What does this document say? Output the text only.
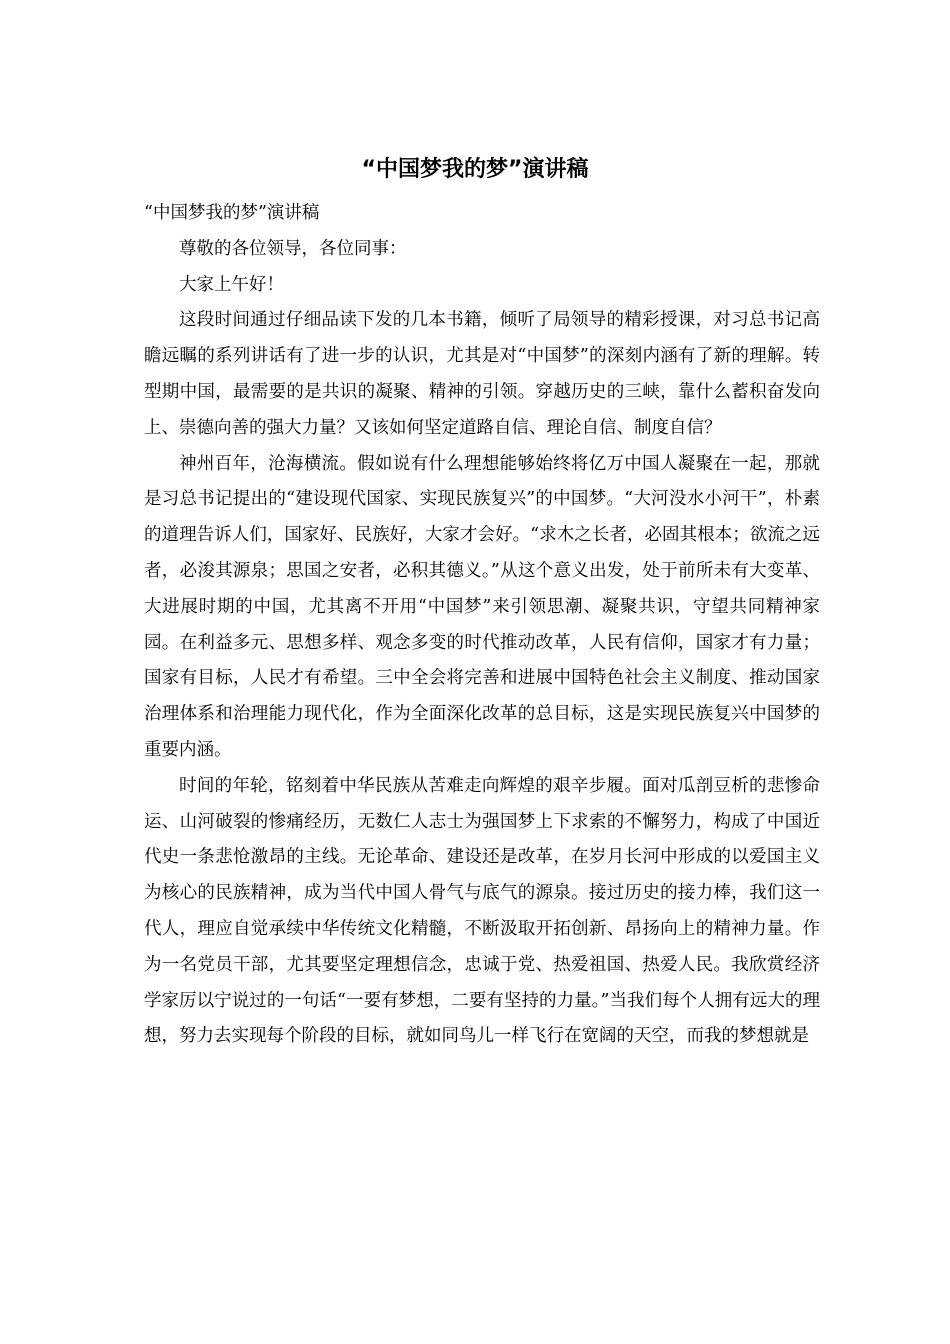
“中国梦我的梦”演讲稿

“中国梦我的梦”演讲稿

尊敬的各位领导，各位同事：

大家上午好！

这段时间通过仔细品读下发的几本书籍，倾听了局领导的精彩授课，对习总书记高瞻远瞩的系列讲话有了进一步的认识，尤其是对“中国梦”的深刻内涵有了新的理解。转型期中国，最需要的是共识的凝聚、精神的引领。穿越历史的三峡，靠什么蓄积奋发向上、崇德向善的强大力量？又该如何坚定道路自信、理论自信、制度自信？

神州百年，沧海横流。假如说有什么理想能够始终将亿万中国人凝聚在一起，那就是习总书记提出的“建设现代国家、实现民族复兴”的中国梦。“大河没水小河干”，朴素的道理告诉人们，国家好、民族好，大家才会好。“求木之长者，必固其根本；欲流之远者，必浚其源泉；思国之安者，必积其德义。”从这个意义出发，处于前所未有大变革、大进展时期的中国，尤其离不开用“中国梦”来引领思潮、凝聚共识，守望共同精神家园。在利益多元、思想多样、观念多变的时代推动改革，人民有信仰，国家才有力量；国家有目标，人民才有希望。三中全会将完善和进展中国特色社会主义制度、推动国家治理体系和治理能力现代化，作为全面深化改革的总目标，这是实现民族复兴中国梦的重要内涵。

时间的年轮，铭刻着中华民族从苦难走向辉煌的艰辛步履。面对瓜剖豆析的悲惨命运、山河破裂的惨痛经历，无数仁人志士为强国梦上下求索的不懈努力，构成了中国近代史一条悲怆激昂的主线。无论革命、建设还是改革，在岁月长河中形成的以爱国主义为核心的民族精神，成为当代中国人骨气与底气的源泉。接过历史的接力棒，我们这一代人，理应自觉承续中华传统文化精髓，不断汲取开拓创新、昂扬向上的精神力量。作为一名党员干部，尤其要坚定理想信念，忠诚于党、热爱祖国、热爱人民。我欣赏经济学家厉以宁说过的一句话“一要有梦想，二要有坚持的力量。”当我们每个人拥有远大的理想，努力去实现每个阶段的目标，就如同鸟儿一样飞行在宽阔的天空，而我的梦想就是
